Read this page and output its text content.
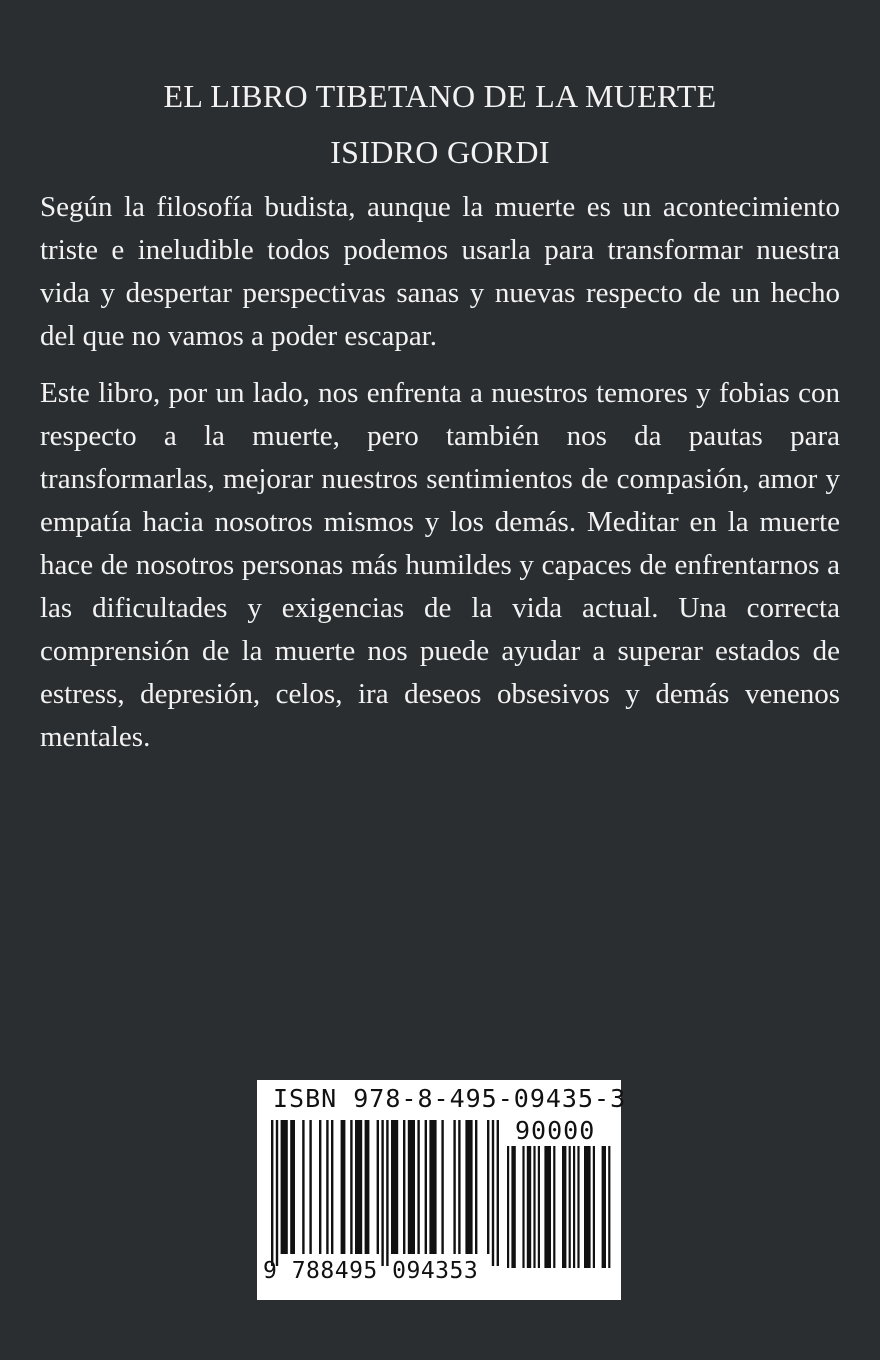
EL LIBRO TIBETANO DE LA MUERTE
ISIDRO GORDI

Según la filosofía budista, aunque la muerte es un acontecimiento triste e ineludible todos podemos usarla para transformar nuestra vida y despertar perspectivas sanas y nuevas respecto de un hecho del que no vamos a poder escapar.

Este libro, por un lado, nos enfrenta a nuestros temores y fobias con respecto a la muerte, pero también nos da pautas para transformarlas, mejorar nuestros sentimientos de compasión, amor y empatía hacia nosotros mismos y los demás. Meditar en la muerte hace de nosotros personas más humildes y capaces de enfrentarnos a las dificultades y exigencias de la vida actual. Una correcta comprensión de la muerte nos puede ayudar a superar estados de estress, depresión, celos, ira deseos obsesivos y demás venenos mentales.

ISBN 978-8-495-09435-3
90000
9 788495 094353
